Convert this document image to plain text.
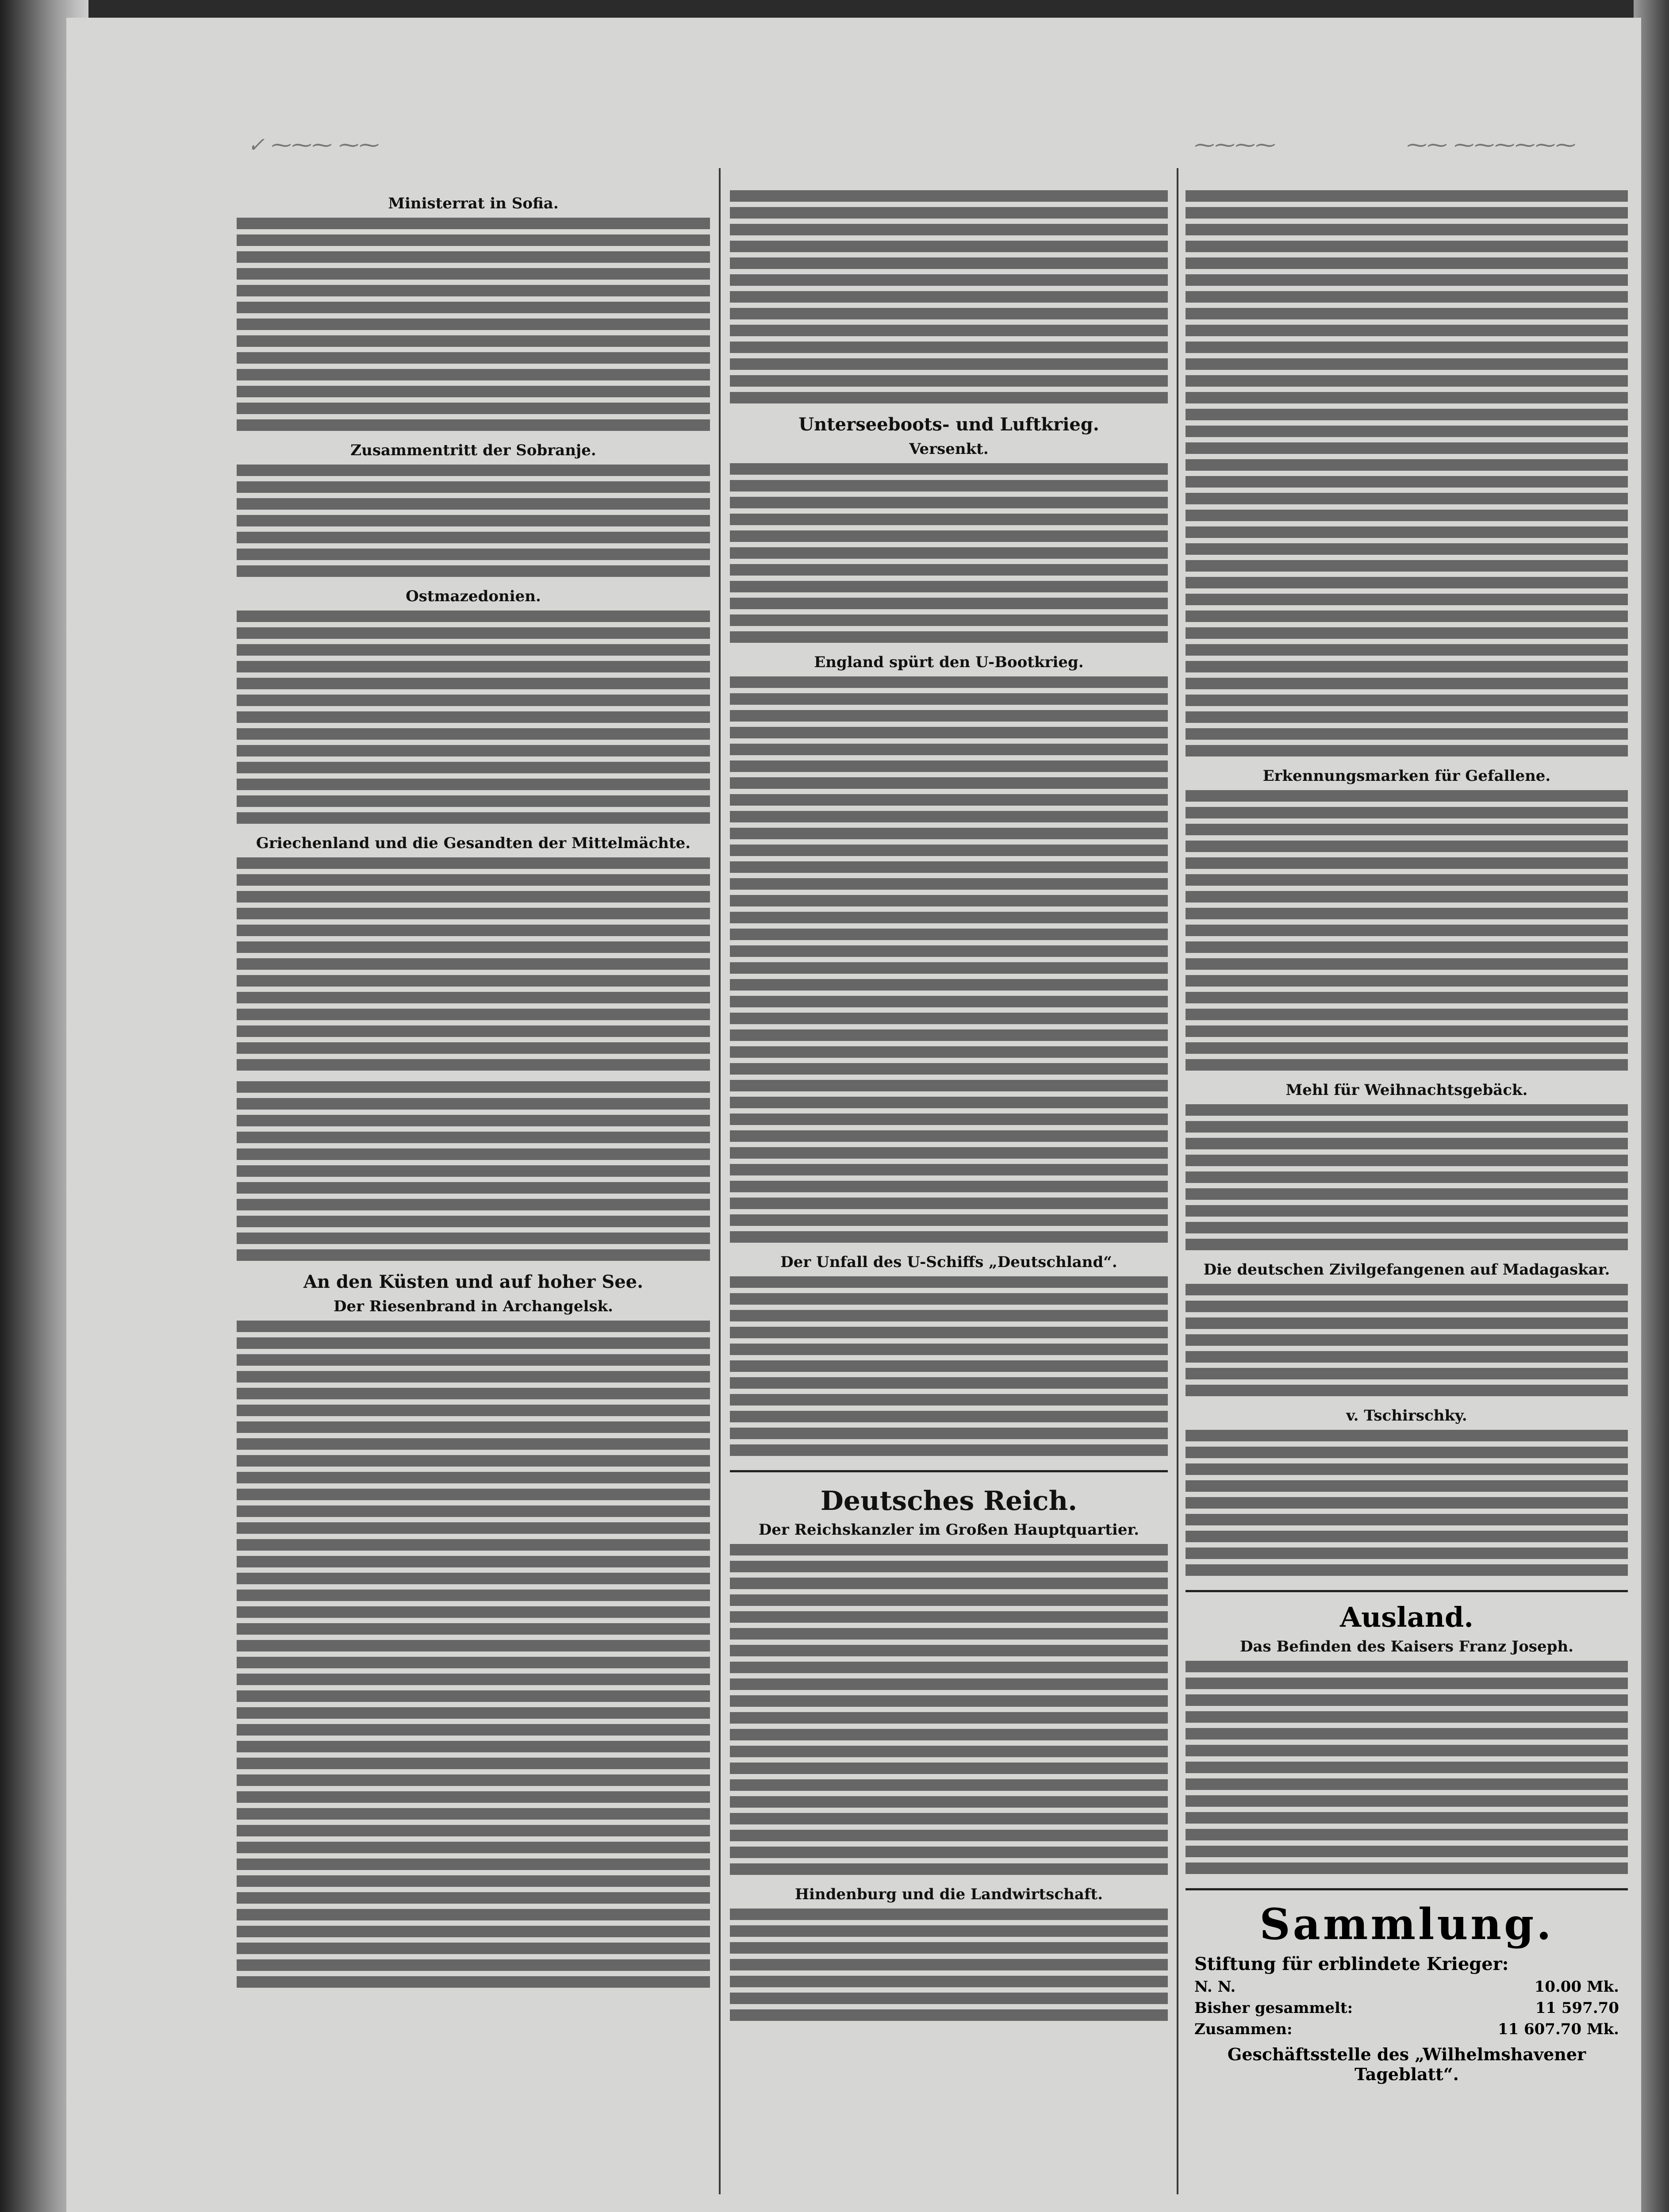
✓ ⁓⁓⁓ ⁓⁓	⁓⁓⁓⁓	⁓⁓ ⁓⁓⁓⁓⁓⁓
Ministerrat in Sofia.
Zusammentritt der Sobranje.
Ostmazedonien.
Griechenland und die Gesandten der Mittelmächte.
An den Küsten und auf hoher See.
Der Riesenbrand in Archangelsk.
Unterseeboots- und Luftkrieg.
Versenkt.
England spürt den U-Bootkrieg.
Der Unfall des U-Schiffs „Deutschland“.
Deutsches Reich.
Der Reichskanzler im Großen Hauptquartier.
Hindenburg und die Landwirtschaft.
Erkennungsmarken für Gefallene.
Mehl für Weihnachtsgebäck.
Die deutschen Zivilgefangenen auf Madagaskar.
v. Tschirschky.
Ausland.
Das Befinden des Kaisers Franz Joseph.
Sammlung.
Stiftung für erblindete Krieger:
N. N.	10.00 Mk.
Bisher gesammelt:	11 597.70
Zusammen:	11 607.70 Mk.
Geschäftsstelle des „Wilhelmshavener Tageblatt“.
